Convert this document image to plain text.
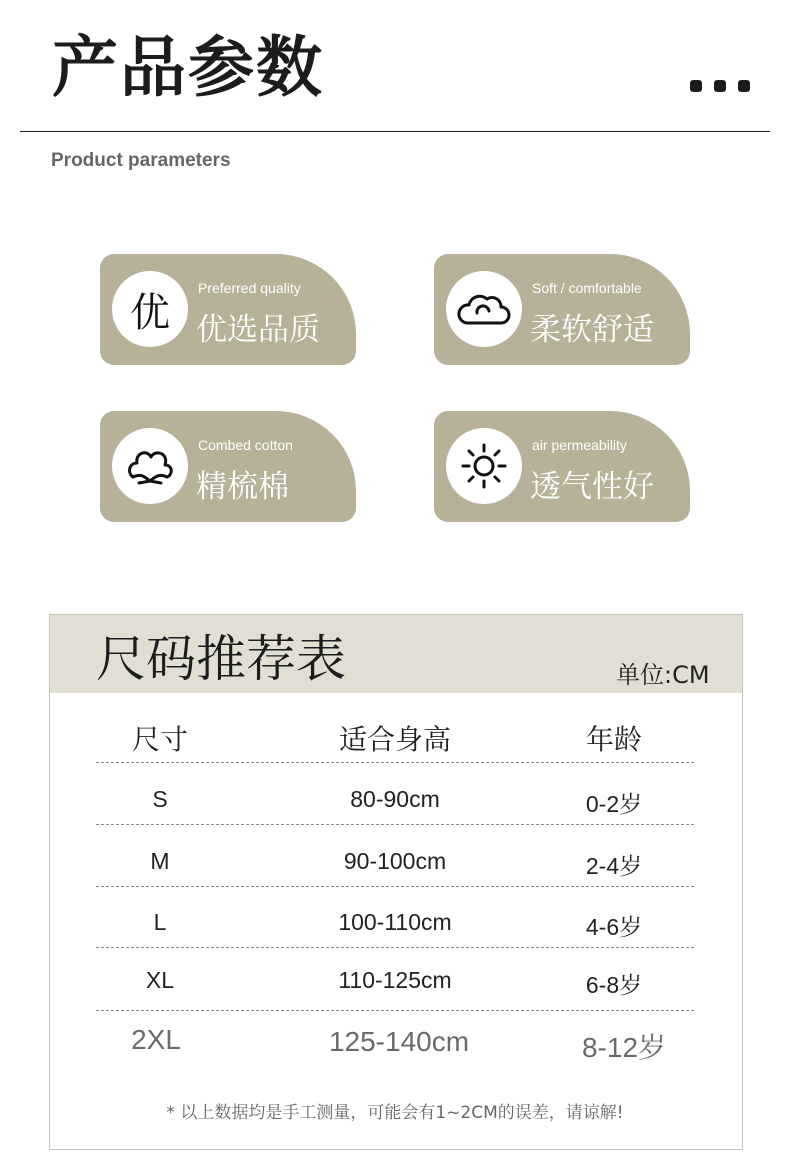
产品参数
Product parameters
优
Preferred quality
优选品质
Soft / comfortable
柔软舒适
Combed cotton
精梳棉
air permeability
透气性好
尺码推荐表	单位:CM
尺寸	适合身高	年龄
S	80-90cm	0-2岁
M	90-100cm	2-4岁
L	100-110cm	4-6岁
XL	110-125cm	6-8岁
2XL	125-140cm	8-12岁
* 以上数据均是手工测量，可能会有1~2CM的误差，请谅解!
